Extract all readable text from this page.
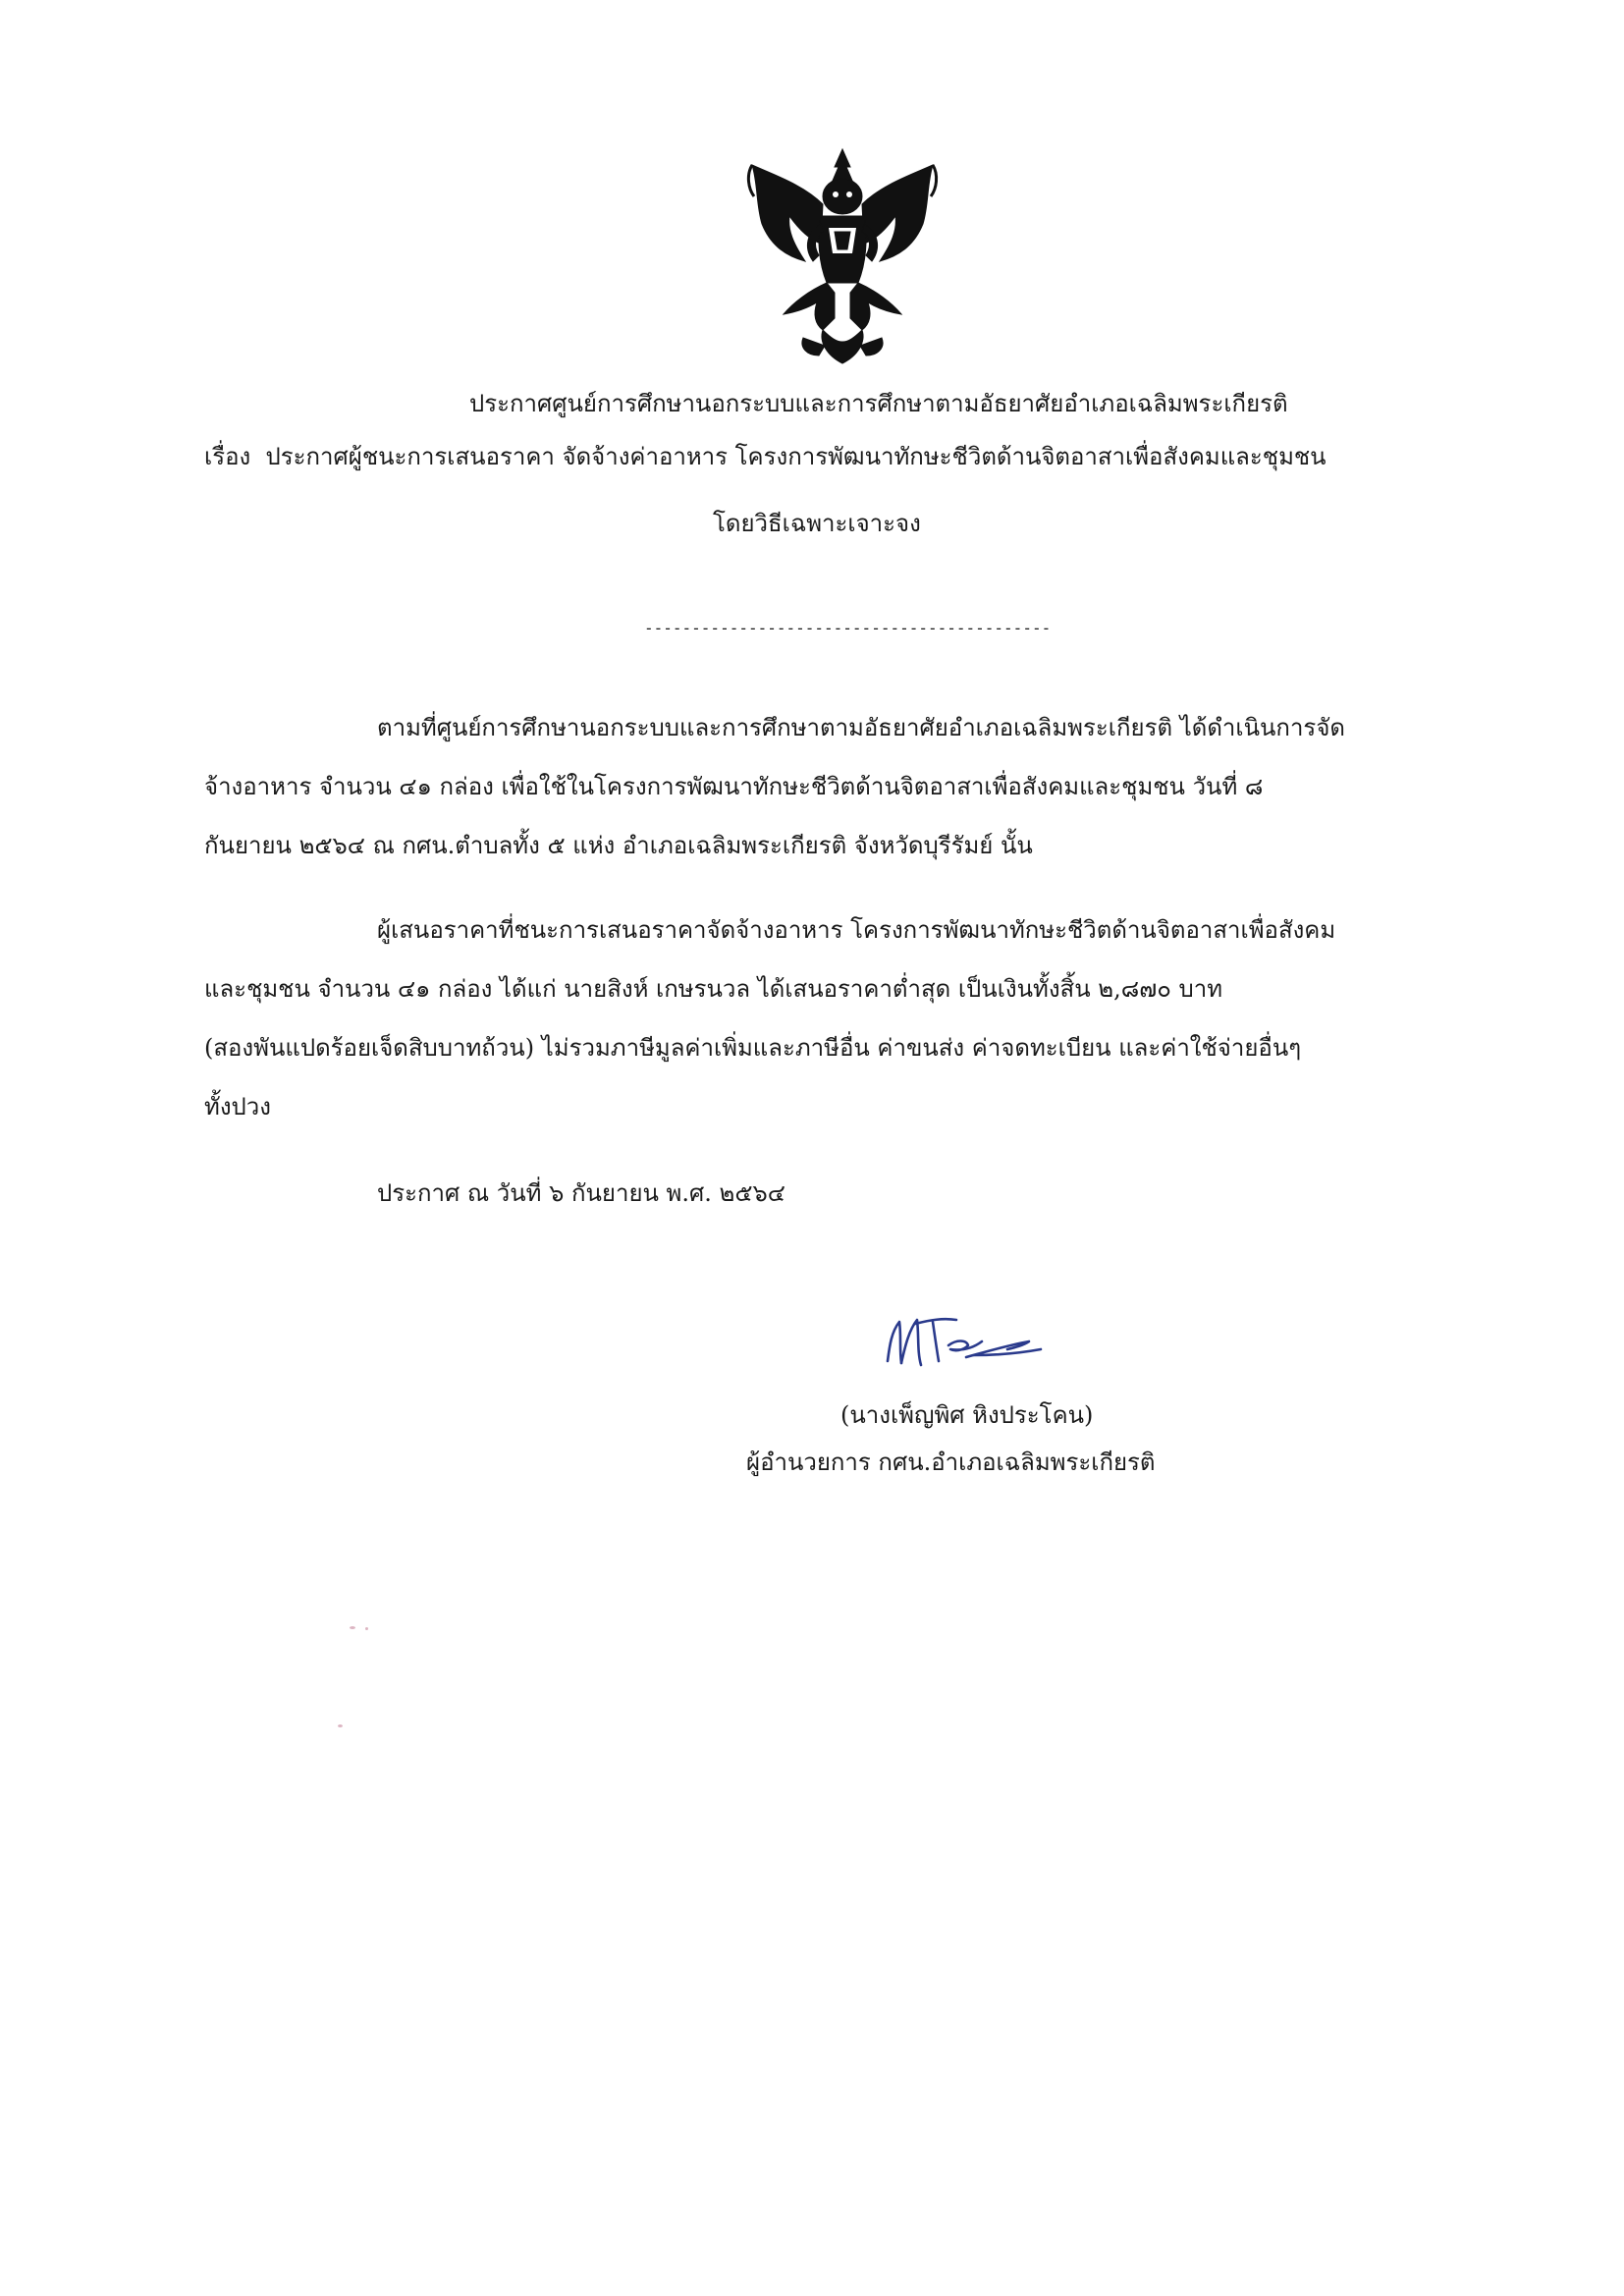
ประกาศศูนย์การศึกษานอกระบบและการศึกษาตามอัธยาศัยอำเภอเฉลิมพระเกียรติ
เรื่อง ประกาศผู้ชนะการเสนอราคา จัดจ้างค่าอาหาร โครงการพัฒนาทักษะชีวิตด้านจิตอาสาเพื่อสังคมและชุมชน
โดยวิธีเฉพาะเจาะจง
-------------------------------------------
ตามที่ศูนย์การศึกษานอกระบบและการศึกษาตามอัธยาศัยอำเภอเฉลิมพระเกียรติ ได้ดำเนินการจัด
จ้างอาหาร จำนวน ๔๑ กล่อง เพื่อใช้ในโครงการพัฒนาทักษะชีวิตด้านจิตอาสาเพื่อสังคมและชุมชน วันที่ ๘
กันยายน ๒๕๖๔ ณ กศน.ตำบลทั้ง ๕ แห่ง อำเภอเฉลิมพระเกียรติ จังหวัดบุรีรัมย์ นั้น
ผู้เสนอราคาที่ชนะการเสนอราคาจัดจ้างอาหาร โครงการพัฒนาทักษะชีวิตด้านจิตอาสาเพื่อสังคม
และชุมชน จำนวน ๔๑ กล่อง ได้แก่ นายสิงห์ เกษรนวล ได้เสนอราคาต่ำสุด เป็นเงินทั้งสิ้น ๒,๘๗๐ บาท
(สองพันแปดร้อยเจ็ดสิบบาทถ้วน) ไม่รวมภาษีมูลค่าเพิ่มและภาษีอื่น ค่าขนส่ง ค่าจดทะเบียน และค่าใช้จ่ายอื่นๆ
ทั้งปวง
ประกาศ ณ วันที่ ๖ กันยายน พ.ศ. ๒๕๖๔
(นางเพ็ญพิศ หิงประโคน)
ผู้อำนวยการ กศน.อำเภอเฉลิมพระเกียรติ
